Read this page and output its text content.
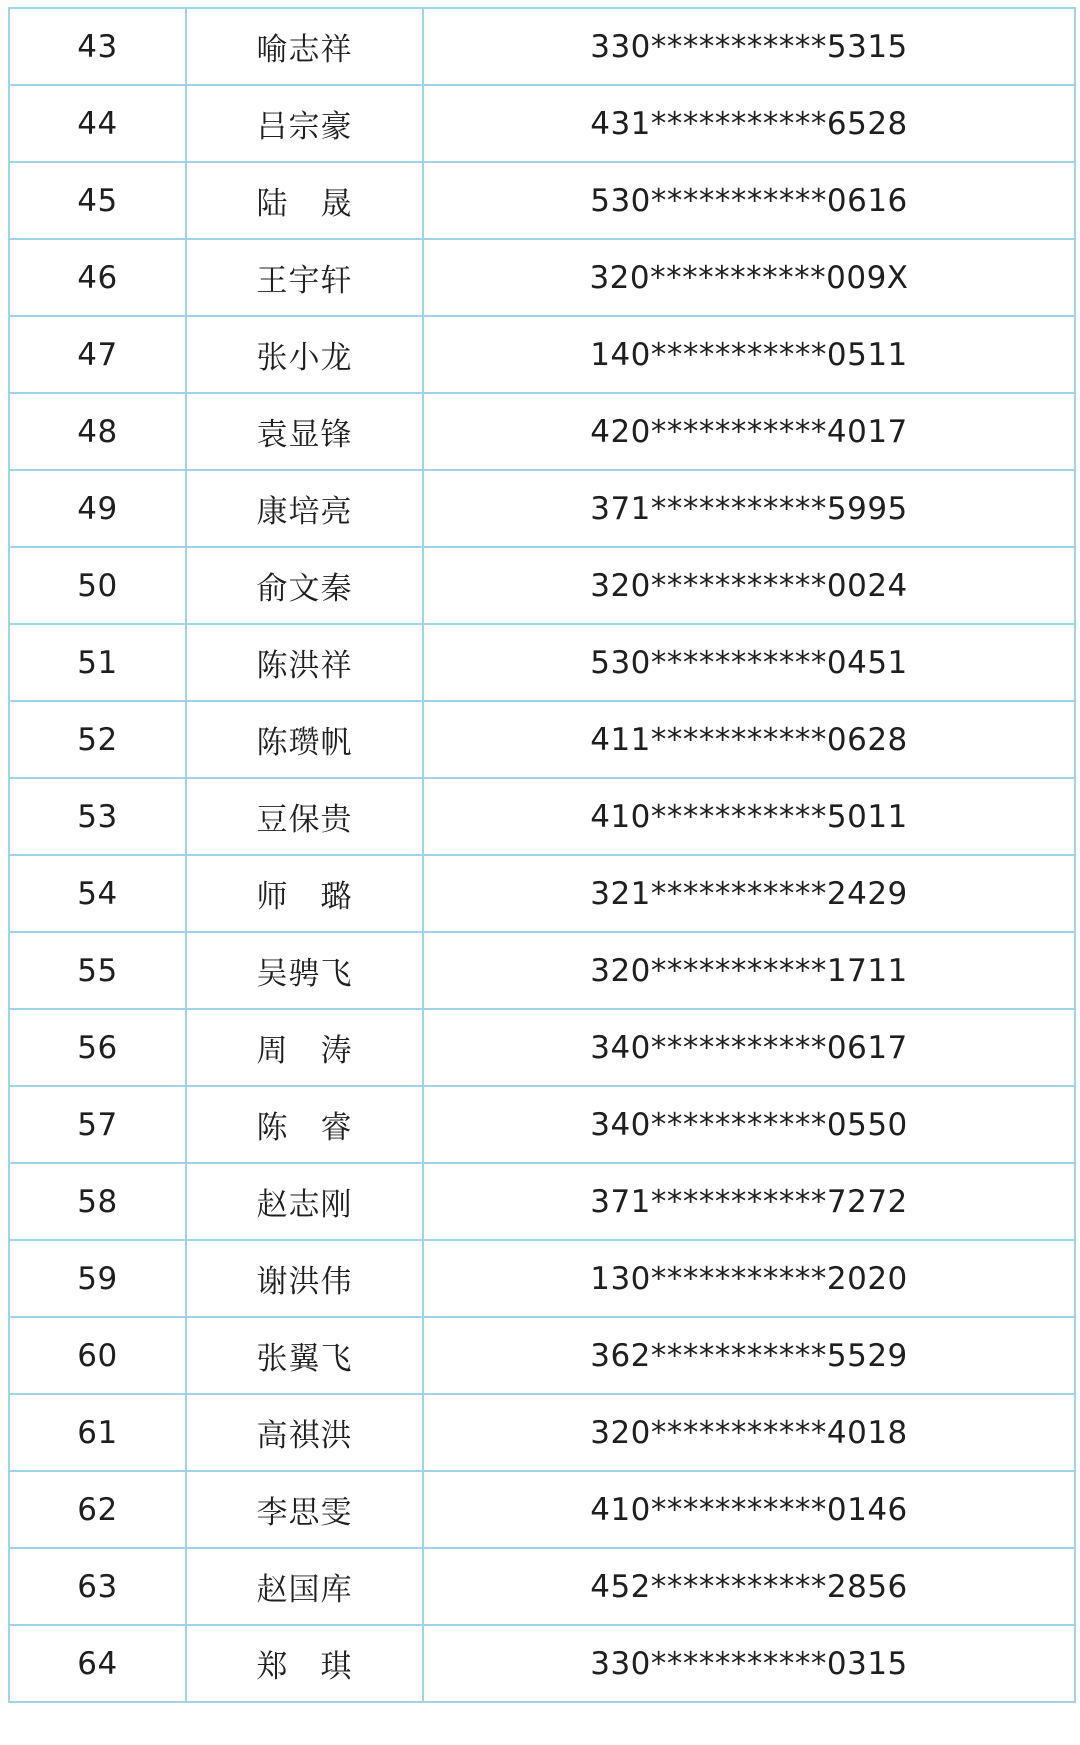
43	喻志祥	330***********5315
44	吕宗豪	431***********6528
45	陆　晟	530***********0616
46	王宇轩	320***********009X
47	张小龙	140***********0511
48	袁显锋	420***********4017
49	康培亮	371***********5995
50	俞文秦	320***********0024
51	陈洪祥	530***********0451
52	陈瓒帆	411***********0628
53	豆保贵	410***********5011
54	师　璐	321***********2429
55	吴骋飞	320***********1711
56	周　涛	340***********0617
57	陈　睿	340***********0550
58	赵志刚	371***********7272
59	谢洪伟	130***********2020
60	张翼飞	362***********5529
61	高祺洪	320***********4018
62	李思雯	410***********0146
63	赵国库	452***********2856
64	郑　琪	330***********0315
